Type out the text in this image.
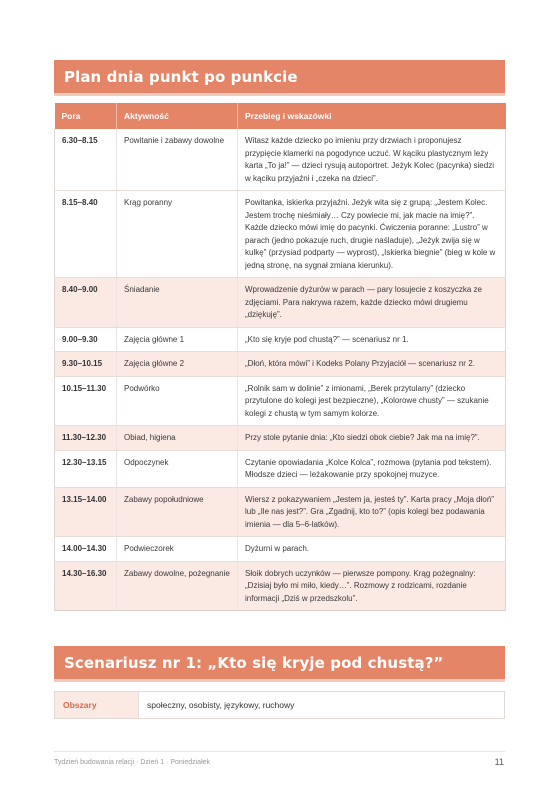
Plan dnia punkt po punkcie
Pora	Aktywność	Przebieg i wskazówki
6.30–8.15	Powitanie i zabawy dowolne	Witasz każde dziecko po imieniu przy drzwiach i proponujesz przypięcie klamerki na pogodynce uczuć. W kąciku plastycznym leży karta „To ja!” — dzieci rysują autoportret. Jeżyk Kolec (pacynka) siedzi w kąciku przyjaźni i „czeka na dzieci”.
8.15–8.40	Krąg poranny	Powitanka, iskierka przyjaźni. Jeżyk wita się z grupą: „Jestem Kolec. Jestem trochę nieśmiały… Czy powiecie mi, jak macie na imię?”. Każde dziecko mówi imię do pacynki. Ćwiczenia poranne: „Lustro” w parach (jedno pokazuje ruch, drugie naśladuje), „Jeżyk zwija się w kulkę” (przysiad podparty — wyprost), „Iskierka biegnie” (bieg w kole w jedną stronę, na sygnał zmiana kierunku).
8.40–9.00	Śniadanie	Wprowadzenie dyżurów w parach — pary losujecie z koszyczka ze zdjęciami. Para nakrywa razem, każde dziecko mówi drugiemu „dziękuję”.
9.00–9.30	Zajęcia główne 1	„Kto się kryje pod chustą?” — scenariusz nr 1.
9.30–10.15	Zajęcia główne 2	„Dłoń, która mówi” i Kodeks Polany Przyjaciół — scenariusz nr 2.
10.15–11.30	Podwórko	„Rolnik sam w dolinie” z imionami, „Berek przytulany” (dziecko przytulone do kolegi jest bezpieczne), „Kolorowe chusty” — szukanie kolegi z chustą w tym samym kolorze.
11.30–12.30	Obiad, higiena	Przy stole pytanie dnia: „Kto siedzi obok ciebie? Jak ma na imię?”.
12.30–13.15	Odpoczynek	Czytanie opowiadania „Kolce Kolca”, rozmowa (pytania pod tekstem). Młodsze dzieci — leżakowanie przy spokojnej muzyce.
13.15–14.00	Zabawy popołudniowe	Wiersz z pokazywaniem „Jestem ja, jesteś ty”. Karta pracy „Moja dłoń” lub „Ile nas jest?”. Gra „Zgadnij, kto to?” (opis kolegi bez podawania imienia — dla 5–6-latków).
14.00–14.30	Podwieczorek	Dyżurni w parach.
14.30–16.30	Zabawy dowolne, pożegnanie	Słoik dobrych uczynków — pierwsze pompony. Krąg pożegnalny: „Dzisiaj było mi miło, kiedy…”. Rozmowy z rodzicami, rozdanie informacji „Dziś w przedszkolu”.
Scenariusz nr 1: „Kto się kryje pod chustą?”
Obszary	społeczny, osobisty, językowy, ruchowy
Tydzień budowania relacji · Dzień 1 · Poniedziałek	11
